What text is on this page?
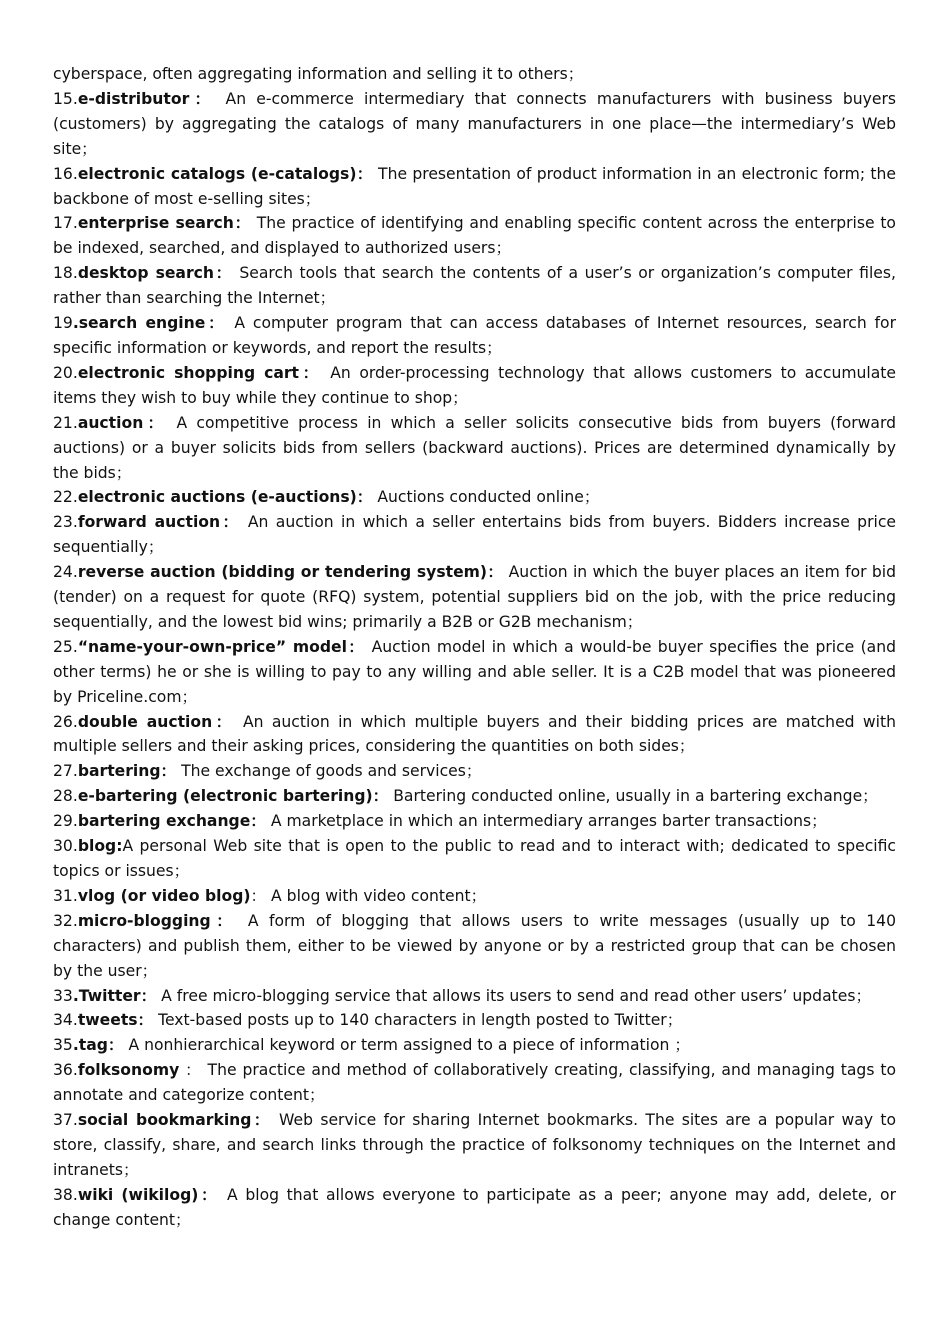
cyberspace, often aggregating information and selling it to others；

15.e-distributor： An e-commerce intermediary that connects manufacturers with business buyers (customers) by aggregating the catalogs of many manufacturers in one place—the intermediary’s Web site；

16.electronic catalogs (e-catalogs)： The presentation of product information in an electronic form; the backbone of most e-selling sites；

17.enterprise search： The practice of identifying and enabling specific content across the enterprise to be indexed, searched, and displayed to authorized users；

18.desktop search： Search tools that search the contents of a user’s or organization’s computer files, rather than searching the Internet；

19.search engine： A computer program that can access databases of Internet resources, search for specific information or keywords, and report the results；

20.electronic shopping cart： An order-processing technology that allows customers to accumulate items they wish to buy while they continue to shop；

21.auction： A competitive process in which a seller solicits consecutive bids from buyers (forward auctions) or a buyer solicits bids from sellers (backward auctions). Prices are determined dynamically by the bids；

22.electronic auctions (e-auctions)： Auctions conducted online；

23.forward auction： An auction in which a seller entertains bids from buyers. Bidders increase price sequentially；

24.reverse auction (bidding or tendering system)： Auction in which the buyer places an item for bid (tender) on a request for quote (RFQ) system, potential suppliers bid on the job, with the price reducing sequentially, and the lowest bid wins; primarily a B2B or G2B mechanism；

25.“name-your-own-price” model： Auction model in which a would-be buyer specifies the price (and other terms) he or she is willing to pay to any willing and able seller. It is a C2B model that was pioneered by Priceline.com；

26.double auction： An auction in which multiple buyers and their bidding prices are matched with multiple sellers and their asking prices, considering the quantities on both sides；

27.bartering： The exchange of goods and services；

28.e-bartering (electronic bartering)： Bartering conducted online, usually in a bartering exchange；

29.bartering exchange： A marketplace in which an intermediary arranges barter transactions；

30.blog:A personal Web site that is open to the public to read and to interact with; dedicated to specific topics or issues；

31.vlog (or video blog)： A blog with video content；

32.micro-blogging： A form of blogging that allows users to write messages (usually up to 140 characters) and publish them, either to be viewed by anyone or by a restricted group that can be chosen by the user；

33.Twitter： A free micro-blogging service that allows its users to send and read other users’ updates；

34.tweets： Text-based posts up to 140 characters in length posted to Twitter；

35.tag： A nonhierarchical keyword or term assigned to a piece of information ；

36.folksonomy ： The practice and method of collaboratively creating, classifying, and managing tags to annotate and categorize content；

37.social bookmarking： Web service for sharing Internet bookmarks. The sites are a popular way to store, classify, share, and search links through the practice of folksonomy techniques on the Internet and intranets；

38.wiki (wikilog)： A blog that allows everyone to participate as a peer; anyone may add, delete, or change content；
